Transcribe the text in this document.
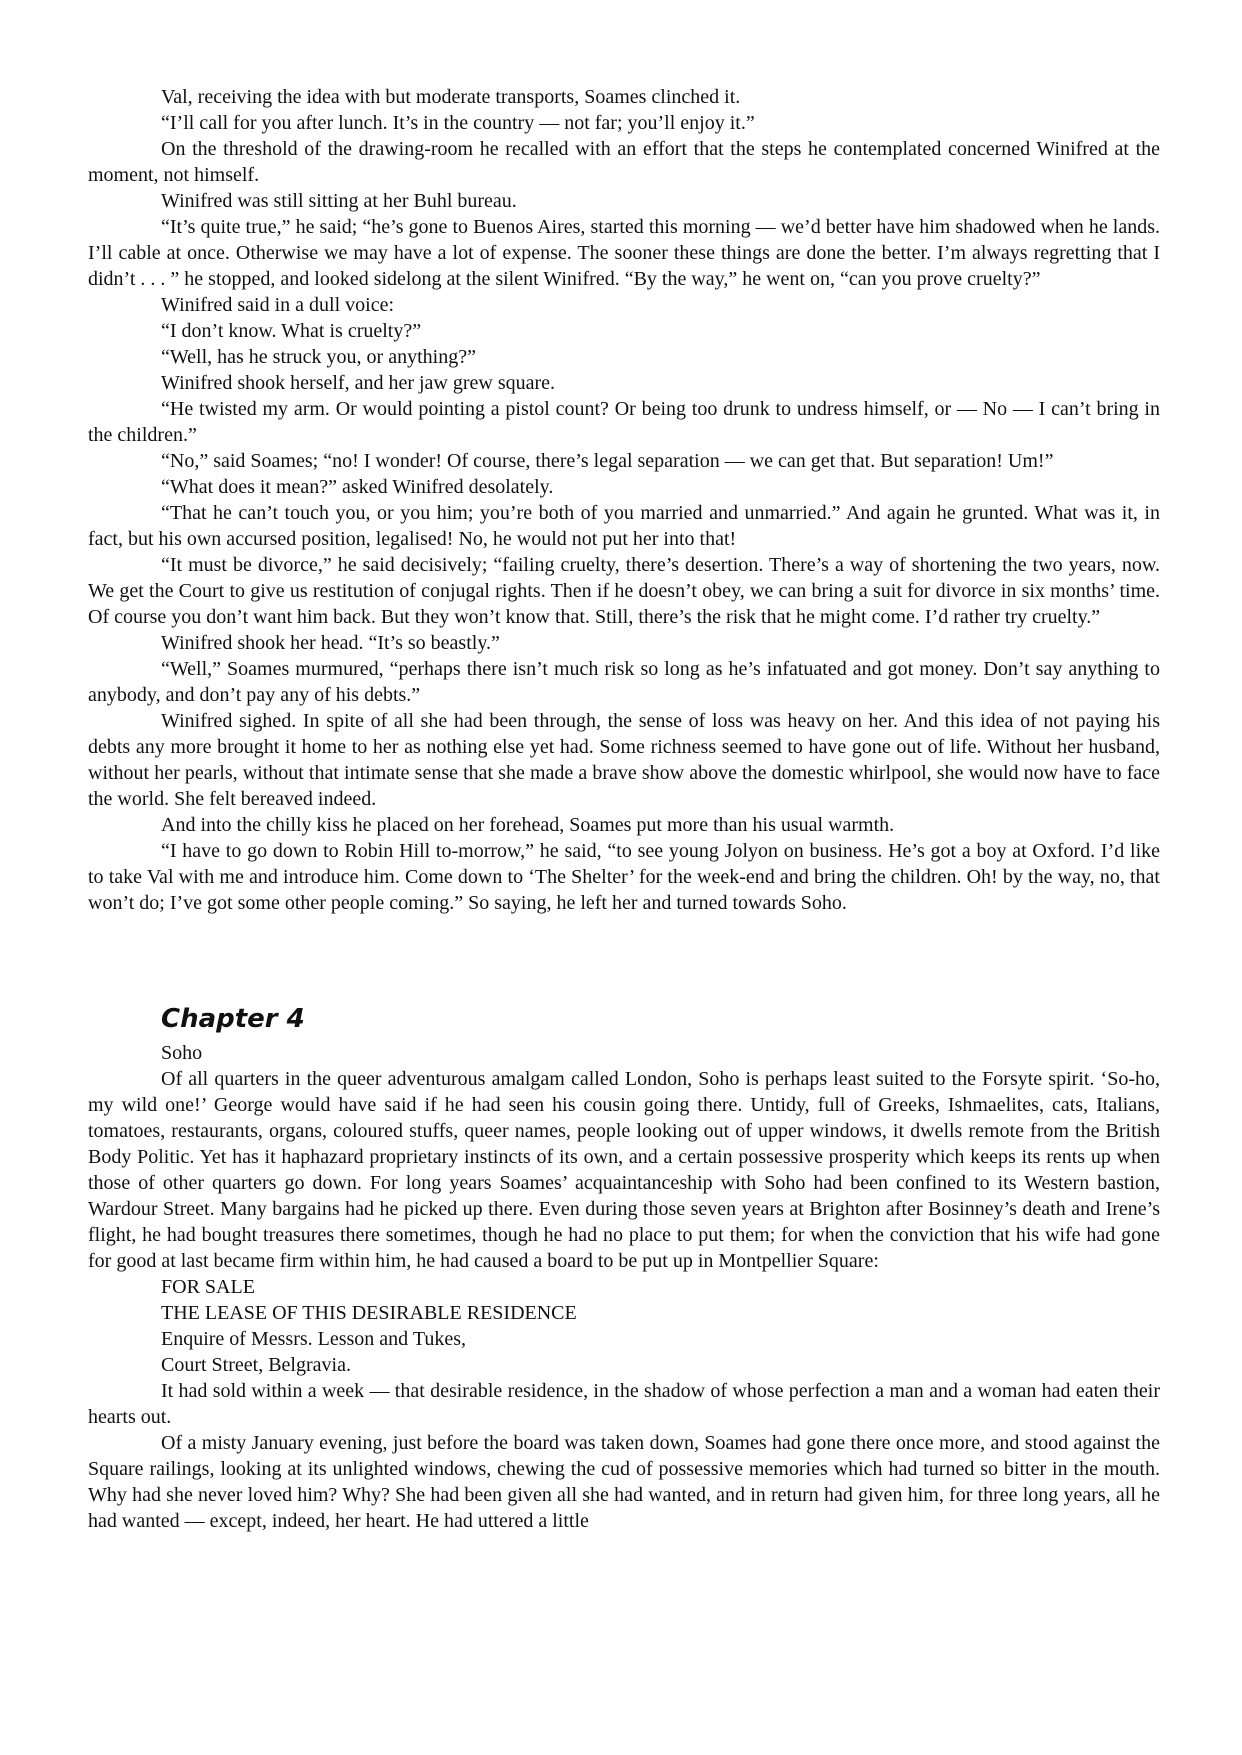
Val, receiving the idea with but moderate transports, Soames clinched it.

“I’ll call for you after lunch. It’s in the country — not far; you’ll enjoy it.”

On the threshold of the drawing-room he recalled with an effort that the steps he contemplated concerned Winifred at the moment, not himself.

Winifred was still sitting at her Buhl bureau.

“It’s quite true,” he said; “he’s gone to Buenos Aires, started this morning — we’d better have him shadowed when he lands. I’ll cable at once. Otherwise we may have a lot of expense. The sooner these things are done the better. I’m always regretting that I didn’t . . . ” he stopped, and looked sidelong at the silent Winifred. “By the way,” he went on, “can you prove cruelty?”

Winifred said in a dull voice:

“I don’t know. What is cruelty?”

“Well, has he struck you, or anything?”

Winifred shook herself, and her jaw grew square.

“He twisted my arm. Or would pointing a pistol count? Or being too drunk to undress himself, or — No — I can’t bring in the children.”

“No,” said Soames; “no! I wonder! Of course, there’s legal separation — we can get that. But separation! Um!”

“What does it mean?” asked Winifred desolately.

“That he can’t touch you, or you him; you’re both of you married and unmarried.” And again he grunted. What was it, in fact, but his own accursed position, legalised! No, he would not put her into that!

“It must be divorce,” he said decisively; “failing cruelty, there’s desertion. There’s a way of shortening the two years, now. We get the Court to give us restitution of conjugal rights. Then if he doesn’t obey, we can bring a suit for divorce in six months’ time. Of course you don’t want him back. But they won’t know that. Still, there’s the risk that he might come. I’d rather try cruelty.”

Winifred shook her head. “It’s so beastly.”

“Well,” Soames murmured, “perhaps there isn’t much risk so long as he’s infatuated and got money. Don’t say anything to anybody, and don’t pay any of his debts.”

Winifred sighed. In spite of all she had been through, the sense of loss was heavy on her. And this idea of not paying his debts any more brought it home to her as nothing else yet had. Some richness seemed to have gone out of life. Without her husband, without her pearls, without that intimate sense that she made a brave show above the domestic whirlpool, she would now have to face the world. She felt bereaved indeed.

And into the chilly kiss he placed on her forehead, Soames put more than his usual warmth.

“I have to go down to Robin Hill to-morrow,” he said, “to see young Jolyon on business. He’s got a boy at Oxford. I’d like to take Val with me and introduce him. Come down to ‘The Shelter’ for the week-end and bring the children. Oh! by the way, no, that won’t do; I’ve got some other people coming.” So saying, he left her and turned towards Soho.

Chapter 4

Soho

Of all quarters in the queer adventurous amalgam called London, Soho is perhaps least suited to the Forsyte spirit. ‘So-ho, my wild one!’ George would have said if he had seen his cousin going there. Untidy, full of Greeks, Ishmaelites, cats, Italians, tomatoes, restaurants, organs, coloured stuffs, queer names, people looking out of upper windows, it dwells remote from the British Body Politic. Yet has it haphazard proprietary instincts of its own, and a certain possessive prosperity which keeps its rents up when those of other quarters go down. For long years Soames’ acquaintanceship with Soho had been confined to its Western bastion, Wardour Street. Many bargains had he picked up there. Even during those seven years at Brighton after Bosinney’s death and Irene’s flight, he had bought treasures there sometimes, though he had no place to put them; for when the conviction that his wife had gone for good at last became firm within him, he had caused a board to be put up in Montpellier Square:

FOR SALE

THE LEASE OF THIS DESIRABLE RESIDENCE

Enquire of Messrs. Lesson and Tukes,

Court Street, Belgravia.

It had sold within a week — that desirable residence, in the shadow of whose perfection a man and a woman had eaten their hearts out.

Of a misty January evening, just before the board was taken down, Soames had gone there once more, and stood against the Square railings, looking at its unlighted windows, chewing the cud of possessive memories which had turned so bitter in the mouth. Why had she never loved him? Why? She had been given all she had wanted, and in return had given him, for three long years, all he had wanted — except, indeed, her heart. He had uttered a little
